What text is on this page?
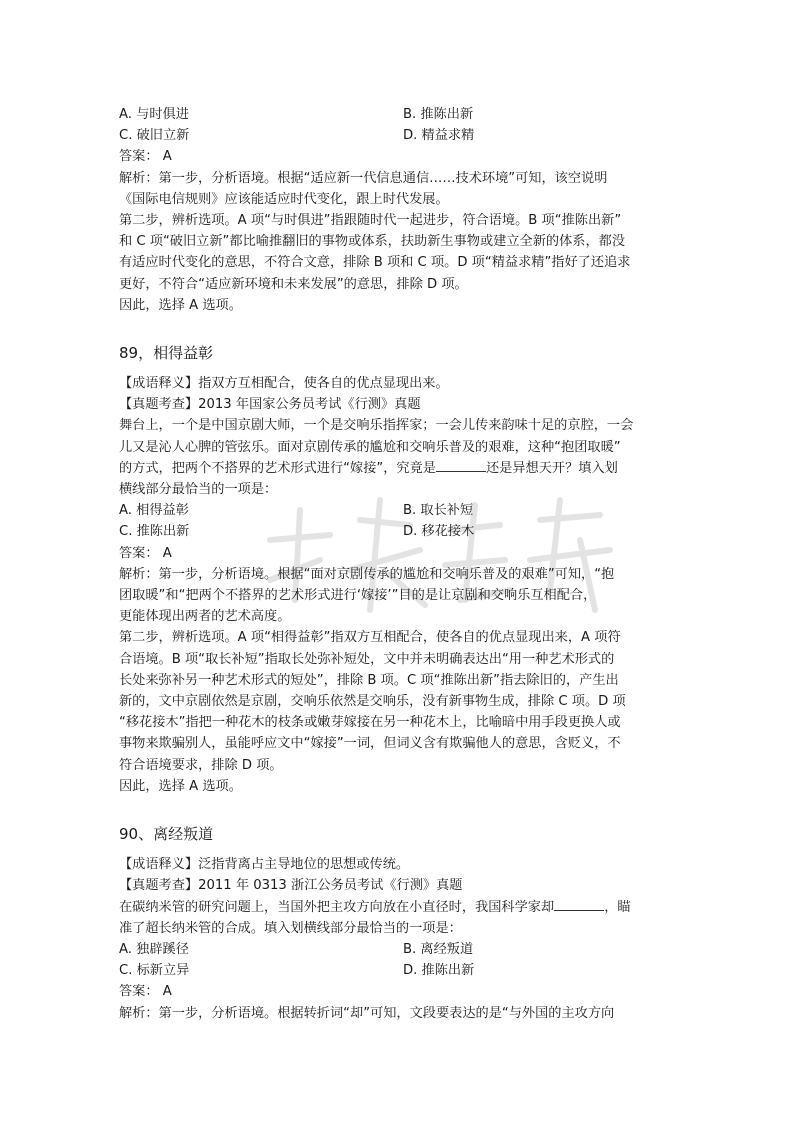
A. 与时俱进	B. 推陈出新
C. 破旧立新	D. 精益求精
答案： A
解析：第一步，分析语境。根据“适应新一代信息通信……技术环境”可知，该空说明
《国际电信规则》应该能适应时代变化，跟上时代发展。
第二步，辨析选项。A 项“与时俱进”指跟随时代一起进步，符合语境。B 项“推陈出新”
和 C 项“破旧立新”都比喻推翻旧的事物或体系，扶助新生事物或建立全新的体系，都没
有适应时代变化的意思，不符合文意，排除 B 项和 C 项。D 项“精益求精”指好了还追求
更好，不符合“适应新环境和未来发展”的意思，排除 D 项。
因此，选择 A 选项。
89，相得益彰
【成语释义】指双方互相配合，使各自的优点显现出来。
【真题考查】2013 年国家公务员考试《行测》真题
舞台上，一个是中国京剧大师，一个是交响乐指挥家；一会儿传来韵味十足的京腔，一会
儿又是沁人心脾的管弦乐。面对京剧传承的尴尬和交响乐普及的艰难，这种“抱团取暖”
的方式，把两个不搭界的艺术形式进行“嫁接”，究竟是	还是异想天开？填入划
横线部分最恰当的一项是：
A. 相得益彰	B. 取长补短
C. 推陈出新	D. 移花接木
答案： A
解析：第一步，分析语境。根据“面对京剧传承的尴尬和交响乐普及的艰难”可知，“抱
团取暖”和“把两个不搭界的艺术形式进行‘嫁接’”目的是让京剧和交响乐互相配合，
更能体现出两者的艺术高度。
第二步，辨析选项。A 项“相得益彰”指双方互相配合，使各自的优点显现出来，A 项符
合语境。B 项“取长补短”指取长处弥补短处，文中并未明确表达出“用一种艺术形式的
长处来弥补另一种艺术形式的短处”，排除 B 项。C 项“推陈出新”指去除旧的，产生出
新的，文中京剧依然是京剧，交响乐依然是交响乐，没有新事物生成，排除 C 项。D 项
“移花接木”指把一种花木的枝条或嫩芽嫁接在另一种花木上，比喻暗中用手段更换人或
事物来欺骗别人，虽能呼应文中“嫁接”一词，但词义含有欺骗他人的意思，含贬义，不
符合语境要求，排除 D 项。
因此，选择 A 选项。
90、离经叛道
【成语释义】泛指背离占主导地位的思想或传统。
【真题考查】2011 年 0313 浙江公务员考试《行测》真题
在碳纳米管的研究问题上，当国外把主攻方向放在小直径时，我国科学家却	，瞄
准了超长纳米管的合成。填入划横线部分最恰当的一项是：
A. 独辟蹊径	B. 离经叛道
C. 标新立异	D. 推陈出新
答案： A
解析：第一步，分析语境。根据转折词“却”可知，文段要表达的是“与外国的主攻方向
